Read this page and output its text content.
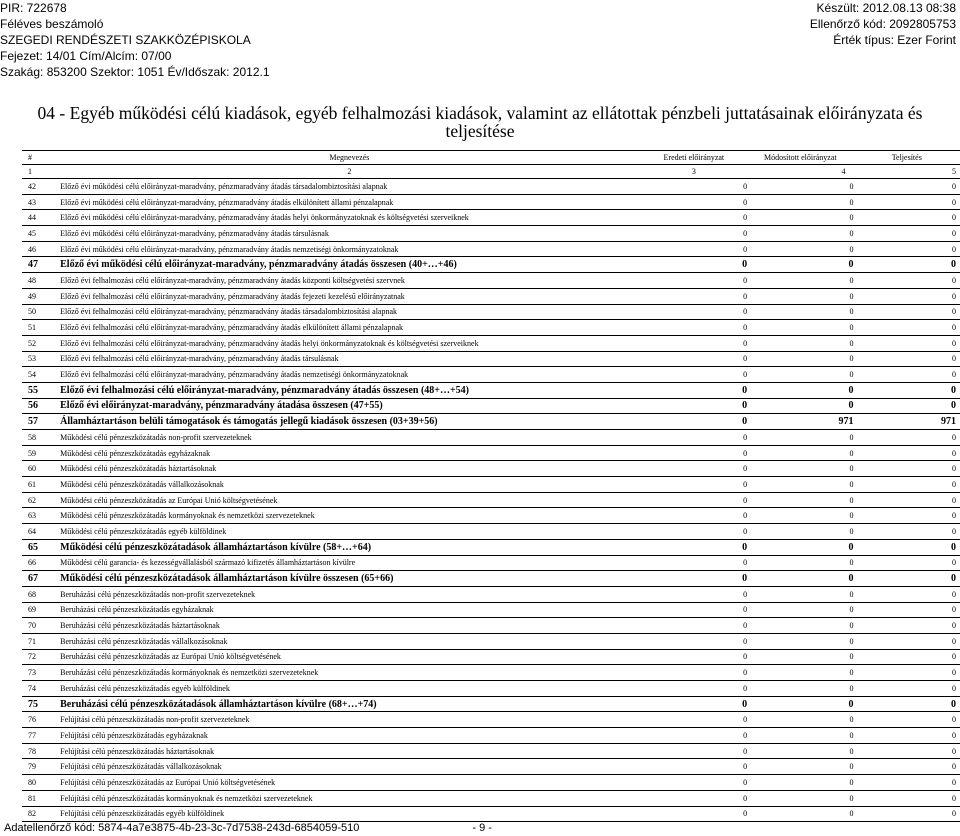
PIR: 722678
Féléves beszámoló
SZEGEDI RENDÉSZETI SZAKKÖZÉPISKOLA
Fejezet: 14/01 Cím/Alcím: 07/00
Szakág: 853200 Szektor: 1051 Év/Időszak: 2012.1
Készült: 2012.08.13 08:38
Ellenőrző kód: 2092805753
Érték típus: Ezer Forint
04 - Egyéb működési célú kiadások, egyéb felhalmozási kiadások, valamint az ellátottak pénzbeli juttatásainak előirányzata és teljesítése
#	Megnevezés	Eredeti előirányzat	Módosított előirányzat	Teljesítés
1	2	3	4	5
42	Előző évi működési célú előirányzat-maradvány, pénzmaradvány átadás társadalombiztosítási alapnak	0	0	0
43	Előző évi működési célú előirányzat-maradvány, pénzmaradvány átadás elkülönített állami pénzalapnak	0	0	0
44	Előző évi működési célú előirányzat-maradvány, pénzmaradvány átadás helyi önkormányzatoknak és költségvetési szerveiknek	0	0	0
45	Előző évi működési célú előirányzat-maradvány, pénzmaradvány átadás társulásnak	0	0	0
46	Előző évi működési célú előirányzat-maradvány, pénzmaradvány átadás nemzetiségi önkormányzatoknak	0	0	0
47	Előző évi működési célú előirányzat-maradvány, pénzmaradvány átadás összesen (40+…+46)	0	0	0
48	Előző évi felhalmozási célú előirányzat-maradvány, pénzmaradvány átadás központi költségvetési szervnek	0	0	0
49	Előző évi felhalmozási célú előirányzat-maradvány, pénzmaradvány átadás fejezeti kezelésű előirányzatnak	0	0	0
50	Előző évi felhalmozási célú előirányzat-maradvány, pénzmaradvány átadás társadalombiztosítási alapnak	0	0	0
51	Előző évi felhalmozási célú előirányzat-maradvány, pénzmaradvány átadás elkülönített állami pénzalapnak	0	0	0
52	Előző évi felhalmozási célú előirányzat-maradvány, pénzmaradvány átadás helyi önkormányzatoknak és költségvetési szerveiknek	0	0	0
53	Előző évi felhalmozási célú előirányzat-maradvány, pénzmaradvány átadás társulásnak	0	0	0
54	Előző évi felhalmozási célú előirányzat-maradvány, pénzmaradvány átadás nemzetiségi önkormányzatoknak	0	0	0
55	Előző évi felhalmozási célú előirányzat-maradvány, pénzmaradvány átadás összesen (48+…+54)	0	0	0
56	Előző évi előirányzat-maradvány, pénzmaradvány átadása összesen (47+55)	0	0	0
57	Államháztartáson belüli támogatások és támogatás jellegű kiadások összesen (03+39+56)	0	971	971
58	Működési célú pénzeszközátadás non-profit szervezeteknek	0	0	0
59	Működési célú pénzeszközátadás egyházaknak	0	0	0
60	Működési célú pénzeszközátadás háztartásoknak	0	0	0
61	Működési célú pénzeszközátadás vállalkozásoknak	0	0	0
62	Működési célú pénzeszközátadás az Európai Unió költségvetésének	0	0	0
63	Működési célú pénzeszközátadás kormányoknak és nemzetközi szervezeteknek	0	0	0
64	Működési célú pénzeszközátadás egyéb külföldinek	0	0	0
65	Működési célú pénzeszközátadások államháztartáson kívülre (58+…+64)	0	0	0
66	Működési célú garancia- és kezességvállalásból származó kifizetés államháztartáson kívülre	0	0	0
67	Működési célú pénzeszközátadások államháztartáson kívülre összesen (65+66)	0	0	0
68	Beruházási célú pénzeszközátadás non-profit szervezeteknek	0	0	0
69	Beruházási célú pénzeszközátadás egyházaknak	0	0	0
70	Beruházási célú pénzeszközátadás háztartásoknak	0	0	0
71	Beruházási célú pénzeszközátadás vállalkozásoknak	0	0	0
72	Beruházási célú pénzeszközátadás az Európai Unió költségvetésének	0	0	0
73	Beruházási célú pénzeszközátadás kormányoknak és nemzetközi szervezeteknek	0	0	0
74	Beruházási célú pénzeszközátadás egyéb külföldinek	0	0	0
75	Beruházási célú pénzeszközátadások államháztartáson kívülre (68+…+74)	0	0	0
76	Felújítási célú pénzeszközátadás non-profit szervezeteknek	0	0	0
77	Felújítási célú pénzeszközátadás egyházaknak	0	0	0
78	Felújítási célú pénzeszközátadás háztartásoknak	0	0	0
79	Felújítási célú pénzeszközátadás vállalkozásoknak	0	0	0
80	Felújítási célú pénzeszközátadás az Európai Unió költségvetésének	0	0	0
81	Felújítási célú pénzeszközátadás kormányoknak és nemzetközi szervezeteknek	0	0	0
82	Felújítási célú pénzeszközátadás egyéb külföldinek	0	0	0
Adatellenőrző kód: 5874-4a7e3875-4b-23-3c-7d7538-243d-6854059-510	- 9 -
